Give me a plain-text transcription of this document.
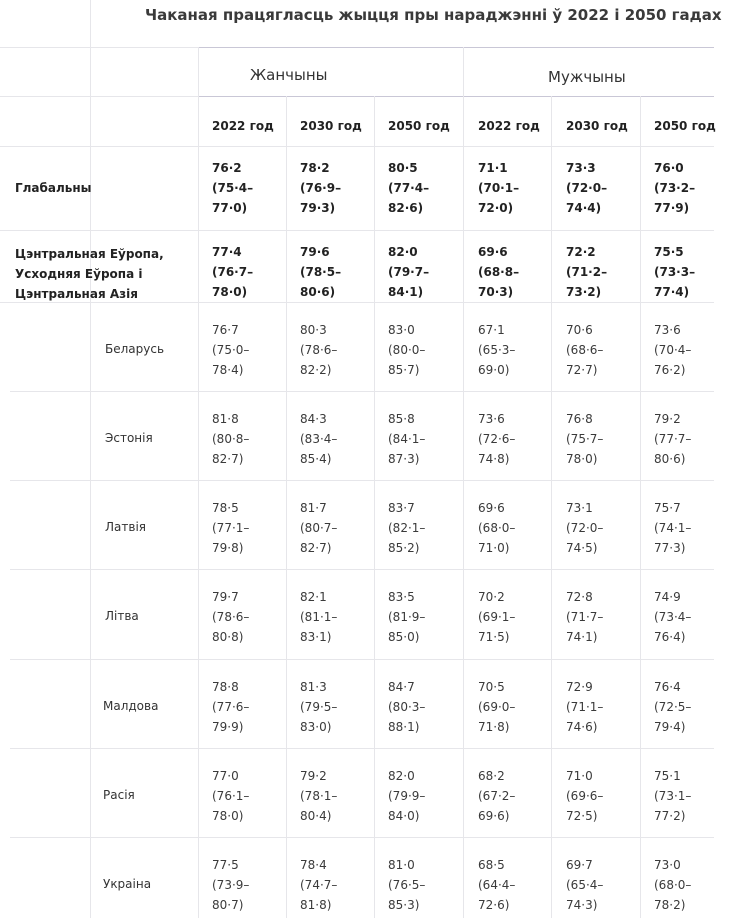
Чаканая працягласць жыцця пры нараджэнні ў 2022 і 2050 гадах
Жанчыны	Мужчыны
2022 год 2030 год 2050 год 2022 год 2030 год 2050 год
Глабальны
76·2
(75·4–
77·0)
78·2
(76·9–
79·3)
80·5
(77·4–
82·6)
71·1
(70·1–
72·0)
73·3
(72·0–
74·4)
76·0
(73·2–
77·9)
Цэнтральная Еўропа,
Усходняя Еўропа і
Цэнтральная Азія
77·4
(76·7–
78·0)
79·6
(78·5–
80·6)
82·0
(79·7–
84·1)
69·6
(68·8–
70·3)
72·2
(71·2–
73·2)
75·5
(73·3–
77·4)
Беларусь
76·7
(75·0–
78·4)
80·3
(78·6–
82·2)
83·0
(80·0–
85·7)
67·1
(65·3–
69·0)
70·6
(68·6–
72·7)
73·6
(70·4–
76·2)
Эстонія
81·8
(80·8–
82·7)
84·3
(83·4–
85·4)
85·8
(84·1–
87·3)
73·6
(72·6–
74·8)
76·8
(75·7–
78·0)
79·2
(77·7–
80·6)
Латвія
78·5
(77·1–
79·8)
81·7
(80·7–
82·7)
83·7
(82·1–
85·2)
69·6
(68·0–
71·0)
73·1
(72·0–
74·5)
75·7
(74·1–
77·3)
Літва
79·7
(78·6–
80·8)
82·1
(81·1–
83·1)
83·5
(81·9–
85·0)
70·2
(69·1–
71·5)
72·8
(71·7–
74·1)
74·9
(73·4–
76·4)
Малдова
78·8
(77·6–
79·9)
81·3
(79·5–
83·0)
84·7
(80·3–
88·1)
70·5
(69·0–
71·8)
72·9
(71·1–
74·6)
76·4
(72·5–
79·4)
Расія
77·0
(76·1–
78·0)
79·2
(78·1–
80·4)
82·0
(79·9–
84·0)
68·2
(67·2–
69·6)
71·0
(69·6–
72·5)
75·1
(73·1–
77·2)
Украіна
77·5
(73·9–
80·7)
78·4
(74·7–
81·8)
81·0
(76·5–
85·3)
68·5
(64·4–
72·6)
69·7
(65·4–
74·3)
73·0
(68·0–
78·2)
